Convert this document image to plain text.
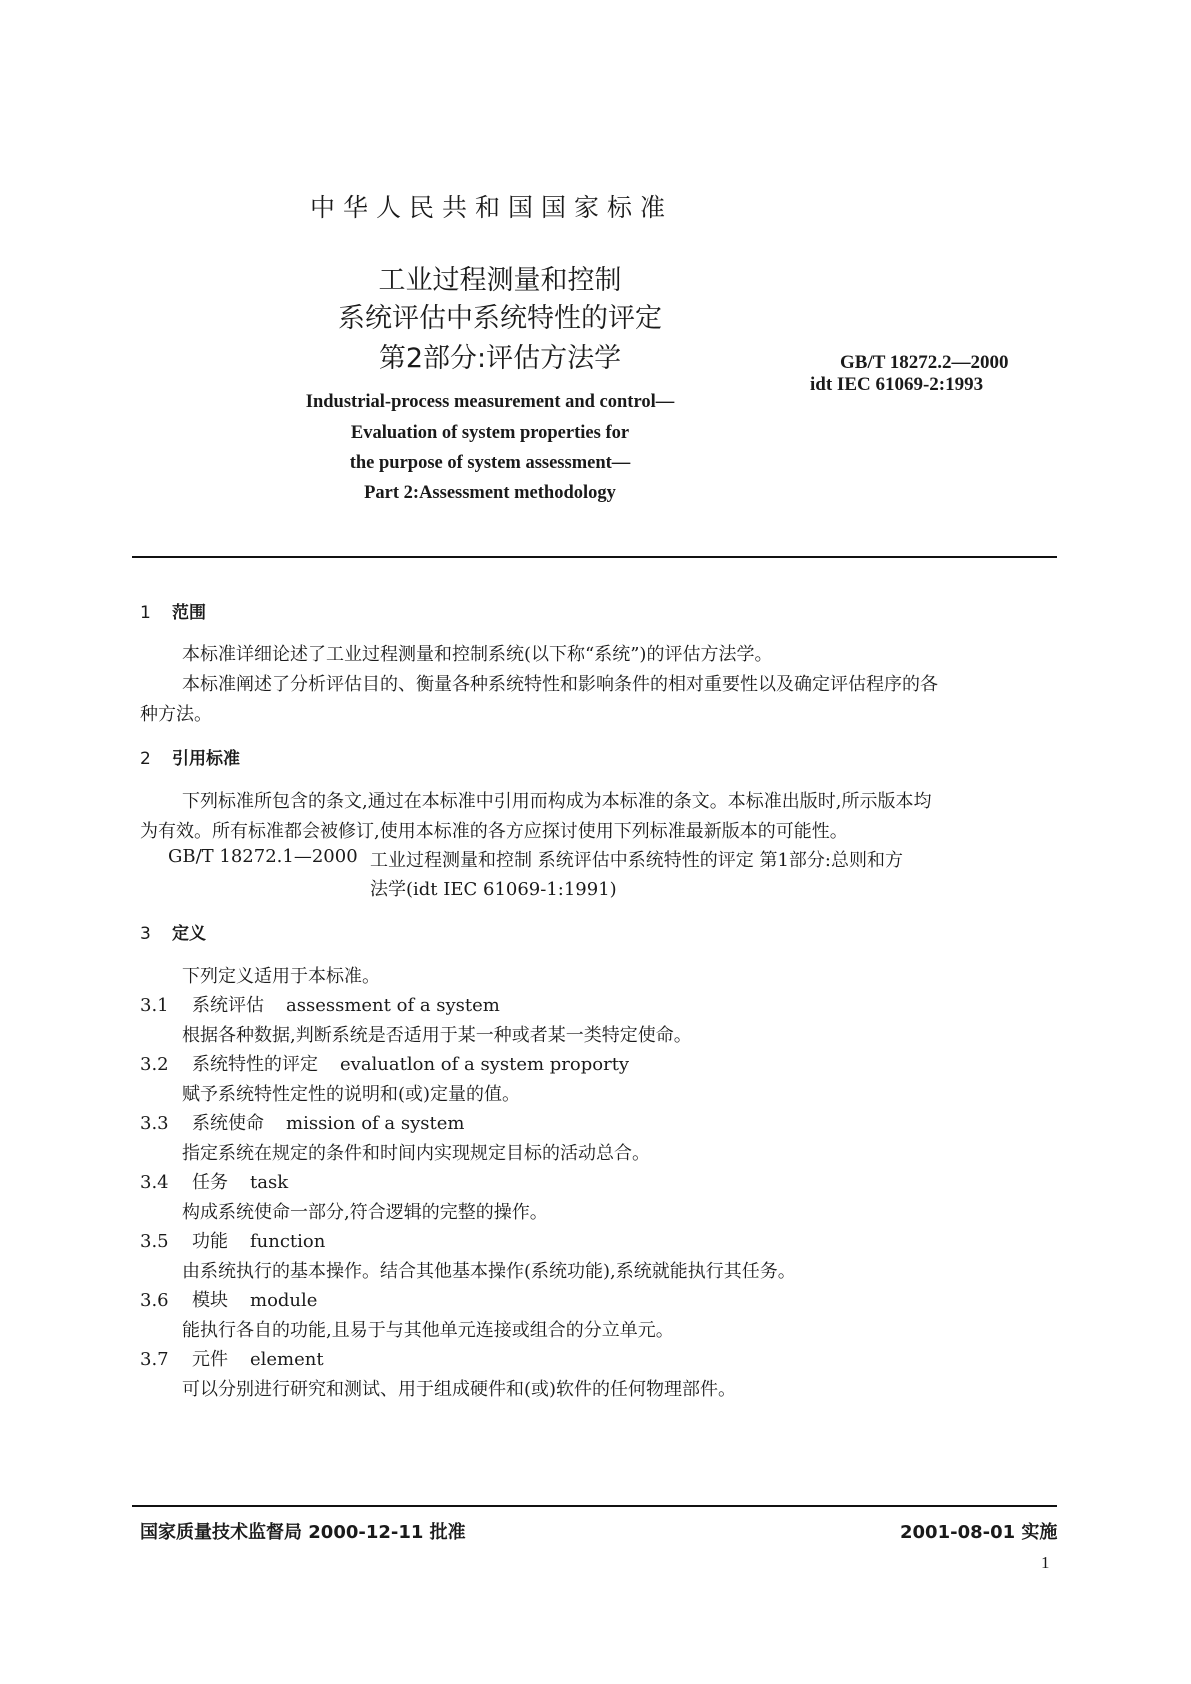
中华人民共和国国家标准
工业过程测量和控制
系统评估中系统特性的评定
第2部分:评估方法学	GB/T 18272.2—2000
idt IEC 61069-2:1993
Industrial-process measurement and control—
Evaluation of system properties for
the purpose of system assessment—
Part 2:Assessment methodology
1 范围
本标准详细论述了工业过程测量和控制系统(以下称“系统”)的评估方法学。
本标准阐述了分析评估目的、衡量各种系统特性和影响条件的相对重要性以及确定评估程序的各
种方法。
2 引用标准
下列标准所包含的条文,通过在本标准中引用而构成为本标准的条文。本标准出版时,所示版本均
为有效。所有标准都会被修订,使用本标准的各方应探讨使用下列标准最新版本的可能性。
GB/T 18272.1—2000 工业过程测量和控制 系统评估中系统特性的评定 第1部分:总则和方
法学(idt IEC 61069-1:1991)
3 定义
下列定义适用于本标准。
3.1 系统评估 assessment of a system
根据各种数据,判断系统是否适用于某一种或者某一类特定使命。
3.2 系统特性的评定 evaluatlon of a system proporty
赋予系统特性定性的说明和(或)定量的值。
3.3 系统使命 mission of a system
指定系统在规定的条件和时间内实现规定目标的活动总合。
3.4 任务 task
构成系统使命一部分,符合逻辑的完整的操作。
3.5 功能 function
由系统执行的基本操作。结合其他基本操作(系统功能),系统就能执行其任务。
3.6 模块 module
能执行各自的功能,且易于与其他单元连接或组合的分立单元。
3.7 元件 element
可以分别进行研究和测试、用于组成硬件和(或)软件的任何物理部件。
国家质量技术监督局 2000-12-11 批准	2001-08-01 实施
1
